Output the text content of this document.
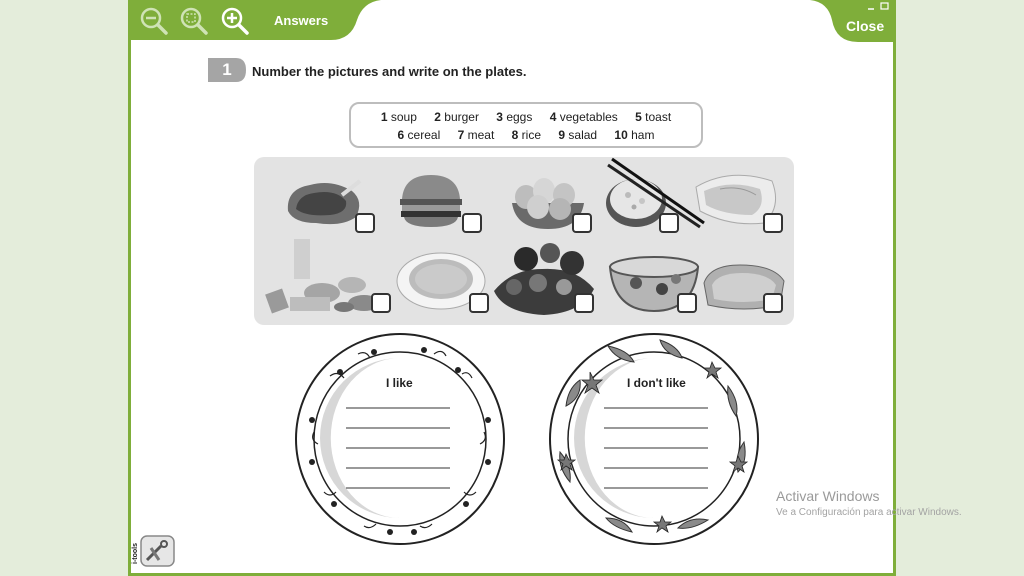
Answers	Close
1	Number the pictures and write on the plates.
1 soup 2 burger 3 eggs 4 vegetables 5 toast
6 cereal 7 meat 8 rice 9 salad 10 ham
I like	I don't like
Activar Windows
Ve a Configuración para activar Windows.
i-tools
